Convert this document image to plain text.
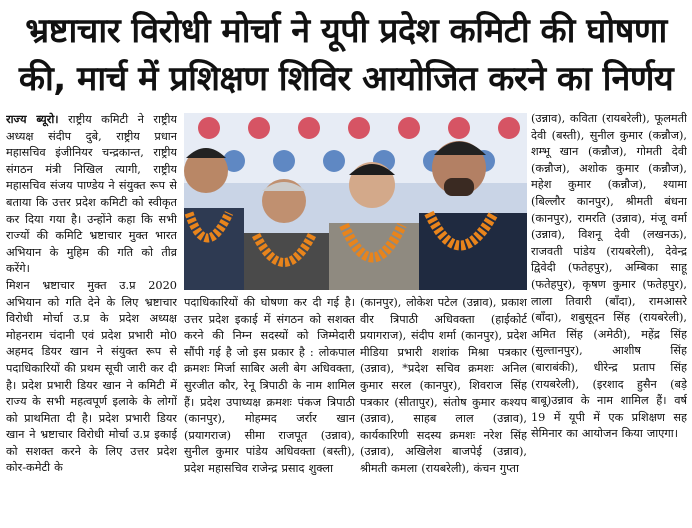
भ्रष्टाचार विरोधी मोर्चा ने यूपी प्रदेश कमिटी की घोषणा
की, मार्च में प्रशिक्षण शिविर आयोजित करने का निर्णय

राज्य ब्यूरो। राष्ट्रीय कमिटी ने राष्ट्रीय अध्यक्ष संदीप दुबे, राष्ट्रीय प्रधान महासचिव इंजीनियर चन्द्रकान्त, राष्ट्रीय संगठन मंत्री निखिल त्यागी, राष्ट्रीय महासचिव संजय पाण्डेय ने संयुक्त रूप से बताया कि उत्तर प्रदेश कमिटी को स्वीकृत कर दिया गया है। उन्होंने कहा कि सभी राज्यों की कमिटि भ्रष्टाचार मुक्त भारत अभियान के मुहिम की गति को तीव्र करेंगे।

मिशन भ्रष्टाचार मुक्त उ.प्र 2020 अभियान को गति देने के लिए भ्रष्टाचार विरोधी मोर्चा उ.प्र के प्रदेश अध्यक्ष मोहनराम चंदानी एवं प्रदेश प्रभारी मो0 अहमद डियर खान ने संयुक्त रूप से पदाधिकारियों की प्रथम सूची जारी कर दी है। प्रदेश प्रभारी डियर खान ने कमिटी में राज्य के सभी महत्वपूर्ण इलाके के लोगों को प्राथमिता दी है। प्रदेश प्रभारी डियर खान ने भ्रष्टाचार विरोधी मोर्चा उ.प्र इकाई को सशक्त करने के लिए उत्तर प्रदेश कोर-कमेटी के

पदाधिकारियों की घोषणा कर दी गई है। उत्तर प्रदेश इकाई में संगठन को सशक्त करने की निम्न सदस्यों को जिम्मेदारी सौंपी गई है जो इस प्रकार है : लोकपाल क्रमशः मिर्जा साबिर अली बेग अधिवक्ता, सुरजीत कौर, रेनू त्रिपाठी के नाम शामिल हैं। प्रदेश उपाध्यक्ष क्रमशः पंकज त्रिपाठी (कानपुर), मोहम्मद जर्रार खान (प्रयागराज) सीमा राजपूत (उन्नाव), सुनील कुमार पांडेय अधिवक्ता (बस्ती), प्रदेश महासचिव राजेन्द्र प्रसाद शुक्ला

(कानपुर), लोकेश पटेल (उन्नाव), प्रकाश वीर त्रिपाठी अधिवक्ता (हाईकोर्ट प्रयागराज), संदीप शर्मा (कानपुर), प्रदेश मीडिया प्रभारी शशांक मिश्रा पत्रकार (उन्नाव), *प्रदेश सचिव क्रमशः अनिल कुमार सरल (कानपुर), शिवराज सिंह पत्रकार (सीतापुर), संतोष कुमार कश्यप (उन्नाव), साहब लाल (उन्नाव), कार्यकारिणी सदस्य क्रमशः नरेश सिंह (उन्नाव), अखिलेश बाजपेई (उन्नाव), श्रीमती कमला (रायबरेली), कंचन गुप्ता

(उन्नाव), कविता (रायबरेली), फूलमती देवी (बस्ती), सुनील कुमार (कन्नौज), शम्भू खान (कन्नौज), गोमती देवी (कन्नौज), अशोक कुमार (कन्नौज), महेश कुमार (कन्नौज), श्यामा (बिल्लौर कानपुर), श्रीमती बंधना (कानपुर), रामरति (उन्नाव), मंजू वर्मा (उन्नाव), विशनू देवी (लखनऊ), राजवती पांडेय (रायबरेली), देवेन्द्र द्विवेदी (फतेहपुर), अम्बिका साहू (फतेहपुर), कृषण कुमार (फतेहपुर), लाला तिवारी (बाँदा), रामआसरे (बाँदा), शबुसूदन सिंह (रायबरेली), अमित सिंह (अमेठी), महेंद्र सिंह (सुल्तानपुर), आशीष सिंह (बाराबंकी), धीरेन्द्र प्रताप सिंह (रायबरेली), (इरशाद हुसैन (बड़े बाबू)उन्नाव के नाम शामिल हैं। वर्ष 19 में यूपी में एक प्रशिक्षण सह सेमिनार का आयोजन किया जाएगा।
